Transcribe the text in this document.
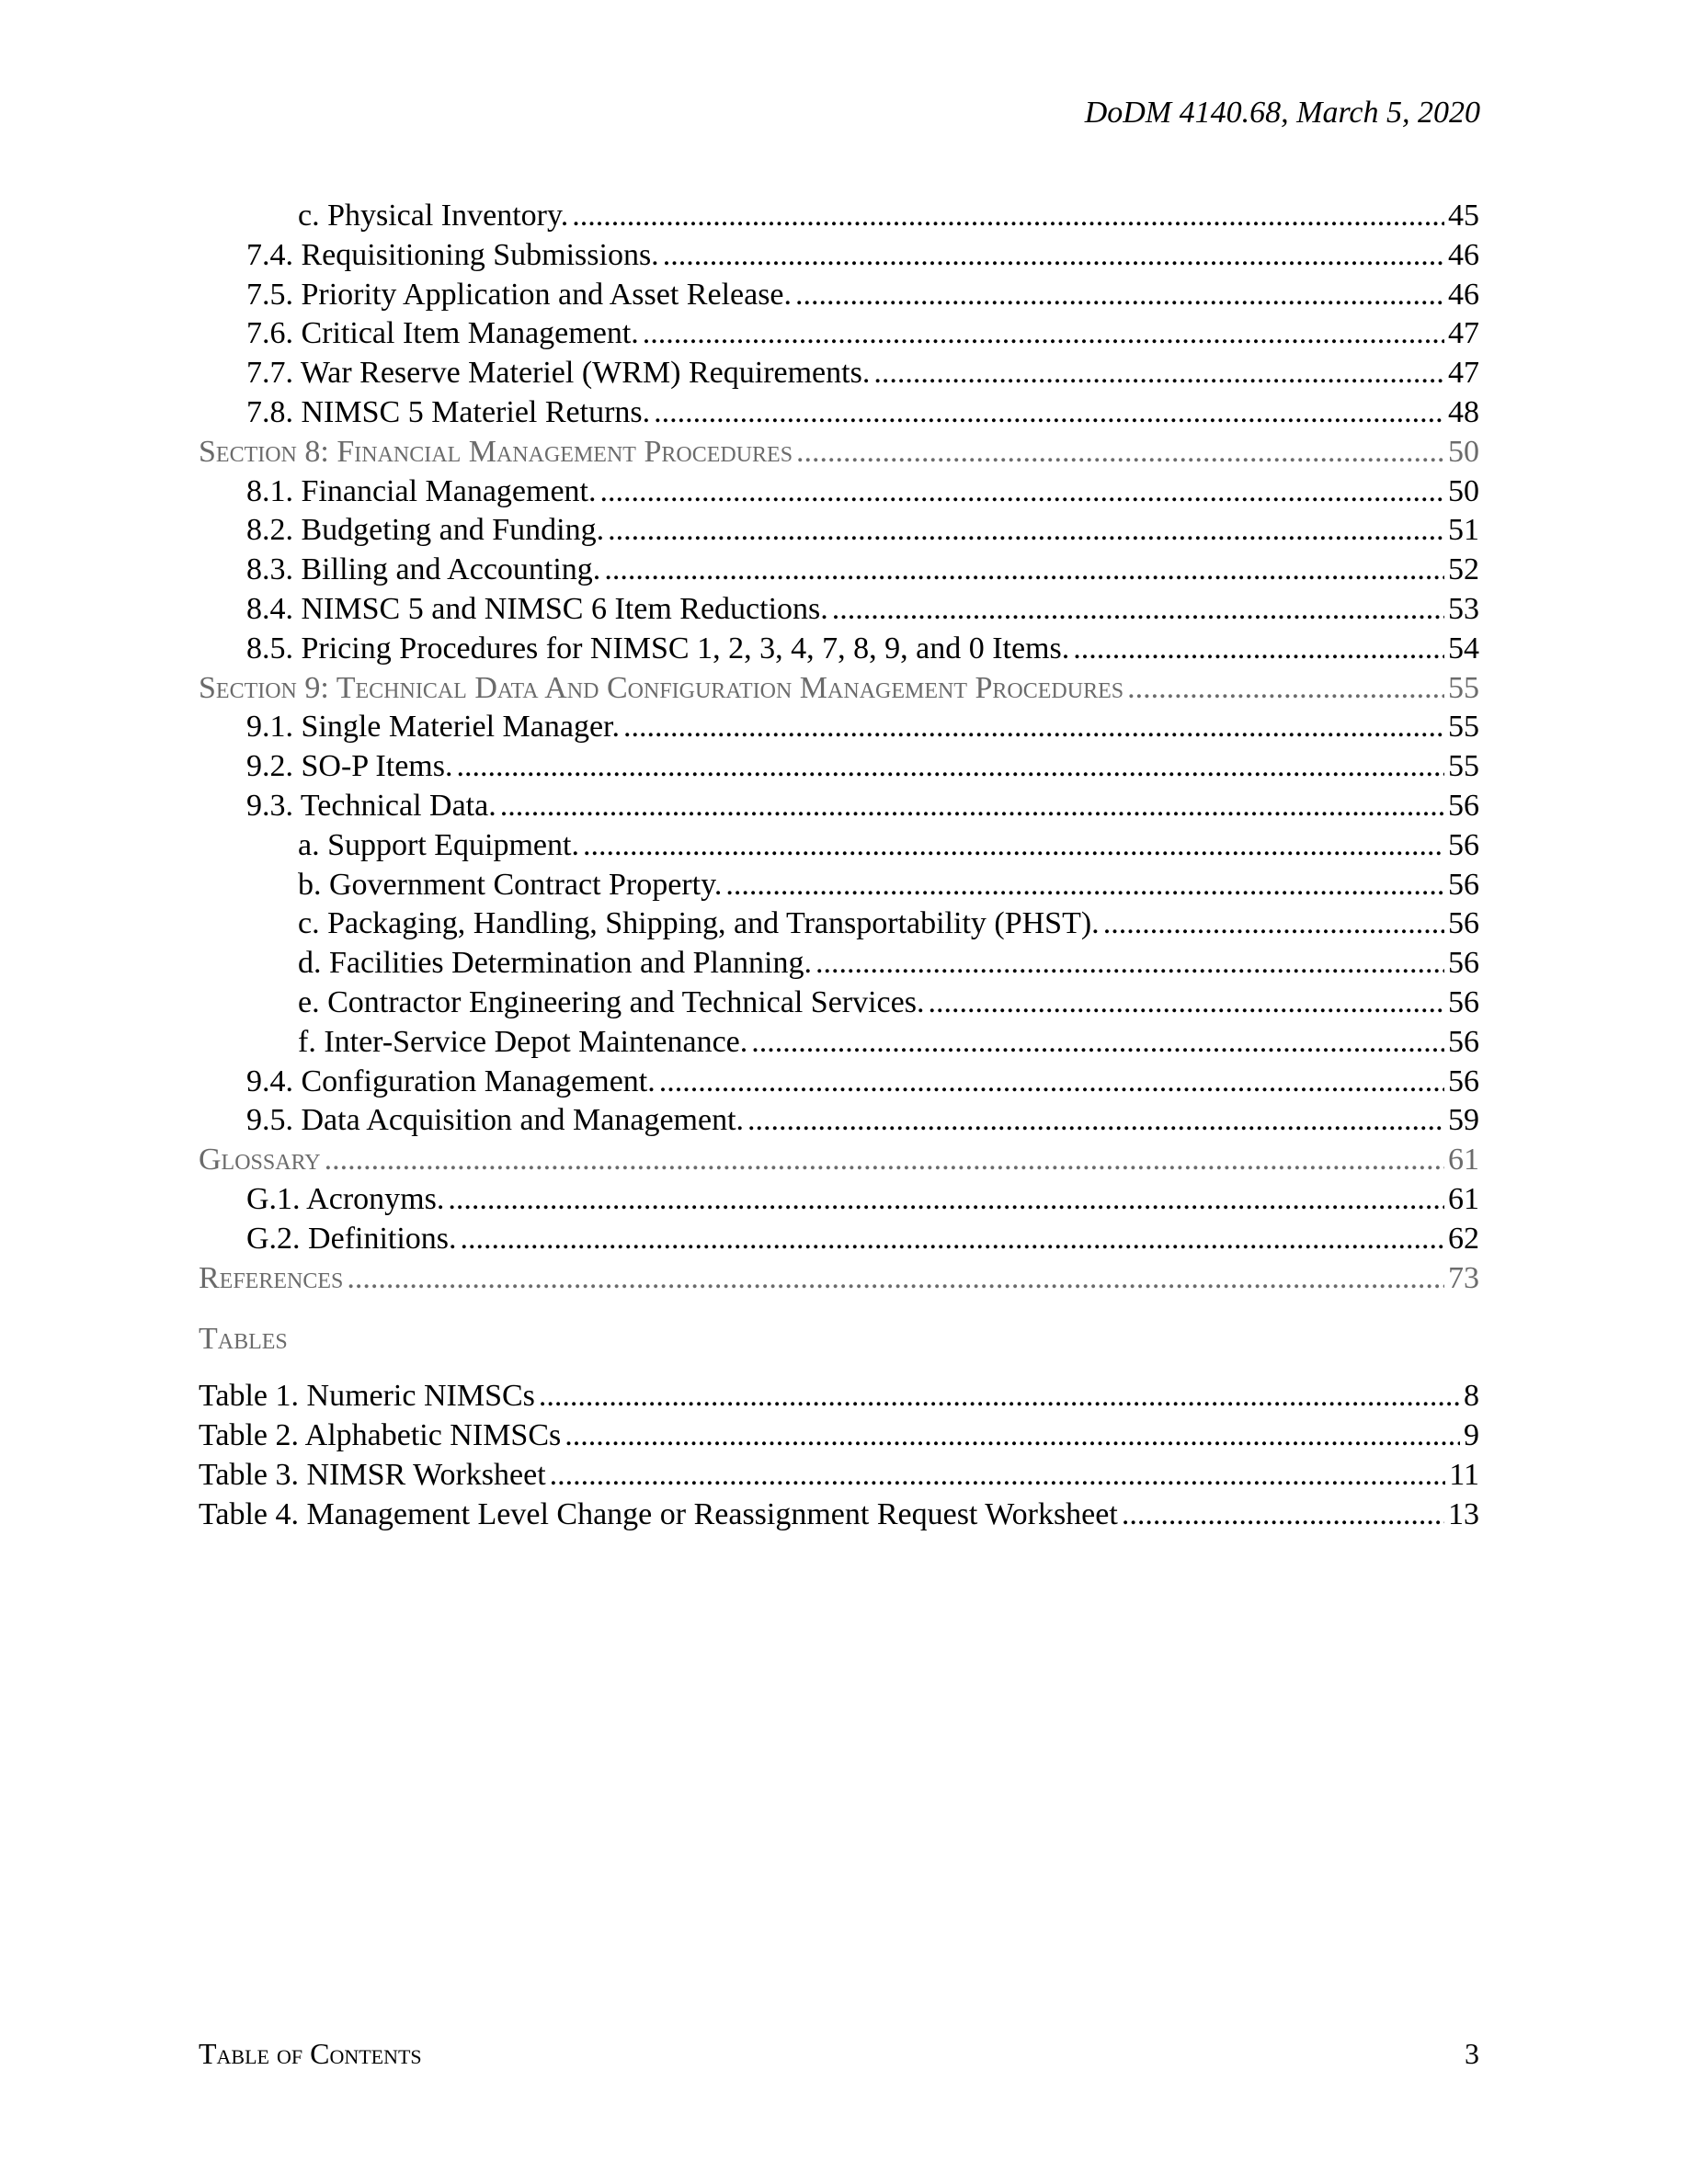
DoDM 4140.68, March 5, 2020
c. Physical Inventory. .....	45
7.4. Requisitioning Submissions. .....	46
7.5. Priority Application and Asset Release. .....	46
7.6. Critical Item Management. .....	47
7.7. War Reserve Materiel (WRM) Requirements. .....	47
7.8. NIMSC 5 Materiel Returns. .....	48
Section 8: Financial Management Procedures .....	50
8.1. Financial Management. .....	50
8.2. Budgeting and Funding. .....	51
8.3. Billing and Accounting. .....	52
8.4. NIMSC 5 and NIMSC 6 Item Reductions. .....	53
8.5. Pricing Procedures for NIMSC 1, 2, 3, 4, 7, 8, 9, and 0 Items. .....	54
Section 9: Technical Data And Configuration Management Procedures .....	55
9.1. Single Materiel Manager. .....	55
9.2. SO-P Items. .....	55
9.3. Technical Data. .....	56
a. Support Equipment. .....	56
b. Government Contract Property. .....	56
c. Packaging, Handling, Shipping, and Transportability (PHST). .....	56
d. Facilities Determination and Planning. .....	56
e. Contractor Engineering and Technical Services. .....	56
f. Inter-Service Depot Maintenance. .....	56
9.4. Configuration Management. .....	56
9.5. Data Acquisition and Management. .....	59
Glossary .....	61
G.1. Acronyms. .....	61
G.2. Definitions. .....	62
References .....	73
Tables
Table 1. Numeric NIMSCs .....	8
Table 2. Alphabetic NIMSCs .....	9
Table 3. NIMSR Worksheet .....	11
Table 4. Management Level Change or Reassignment Request Worksheet .....	13
Table of Contents	3
